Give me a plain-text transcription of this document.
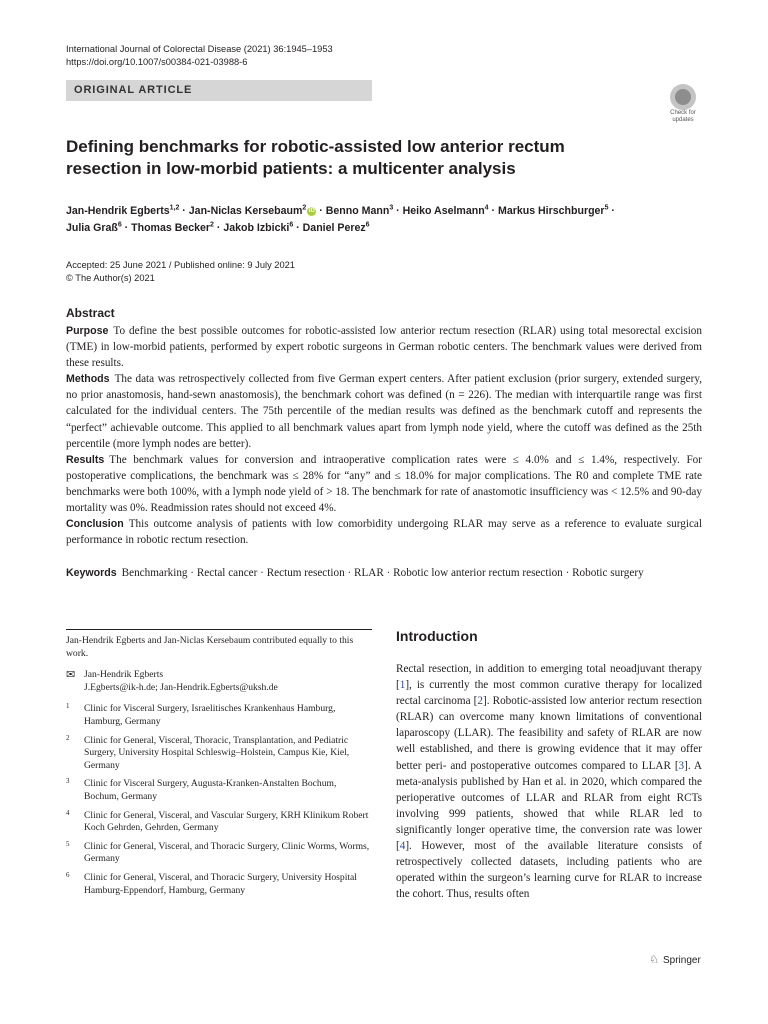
International Journal of Colorectal Disease (2021) 36:1945–1953
https://doi.org/10.1007/s00384-021-03988-6
ORIGINAL ARTICLE
Check for updates
Defining benchmarks for robotic-assisted low anterior rectum resection in low-morbid patients: a multicenter analysis
Jan-Hendrik Egberts$^{1,2}$ · Jan-Niclas Kersebaum$^2$ iD · Benno Mann$^3$ · Heiko Aselmann$^4$ · Markus Hirschburger$^5$ ·
Julia Graß$^6$ · Thomas Becker$^2$ · Jakob Izbicki$^6$ · Daniel Perez$^6$
Accepted: 25 June 2021 / Published online: 9 July 2021
© The Author(s) 2021
Abstract

Purpose To define the best possible outcomes for robotic-assisted low anterior rectum resection (RLAR) using total mesorectal excision (TME) in low-morbid patients, performed by expert robotic surgeons in German robotic centers. The benchmark values were derived from these results.

Methods The data was retrospectively collected from five German expert centers. After patient exclusion (prior surgery, extended surgery, no prior anastomosis, hand-sewn anastomosis), the benchmark cohort was defined (n = 226). The median with interquartile range was first calculated for the individual centers. The 75th percentile of the median results was defined as the benchmark cutoff and represents the “perfect” achievable outcome. This applied to all benchmark values apart from lymph node yield, where the cutoff was defined as the 25th percentile (more lymph nodes are better).

Results The benchmark values for conversion and intraoperative complication rates were ≤ 4.0% and ≤ 1.4%, respectively. For postoperative complications, the benchmark was ≤ 28% for “any” and ≤ 18.0% for major complications. The R0 and complete TME rate benchmarks were both 100%, with a lymph node yield of > 18. The benchmark for rate of anastomotic insufficiency was < 12.5% and 90-day mortality was 0%. Readmission rates should not exceed 4%.

Conclusion This outcome analysis of patients with low comorbidity undergoing RLAR may serve as a reference to evaluate surgical performance in robotic rectum resection.

Keywords Benchmarking · Rectal cancer · Rectum resection · RLAR · Robotic low anterior rectum resection · Robotic surgery

Jan-Hendrik Egberts and Jan-Niclas Kersebaum contributed equally to this work.

✉ Jan-Hendrik Egberts
J.Egberts@ik-h.de; Jan-Hendrik.Egberts@uksh.de
1 Clinic for Visceral Surgery, Israelitisches Krankenhaus Hamburg, Hamburg, Germany
2 Clinic for General, Visceral, Thoracic, Transplantation, and Pediatric Surgery, University Hospital Schleswig–Holstein, Campus Kie, Kiel, Germany
3 Clinic for Visceral Surgery, Augusta-Kranken-Anstalten Bochum, Bochum, Germany
4 Clinic for General, Visceral, and Vascular Surgery, KRH Klinikum Robert Koch Gehrden, Gehrden, Germany
5 Clinic for General, Visceral, and Thoracic Surgery, Clinic Worms, Worms, Germany
6 Clinic for General, Visceral, and Thoracic Surgery, University Hospital Hamburg-Eppendorf, Hamburg, Germany
Introduction

Rectal resection, in addition to emerging total neoadjuvant therapy [1], is currently the most common curative therapy for localized rectal carcinoma [2]. Robotic-assisted low anterior rectum resection (RLAR) can overcome many known limitations of conventional laparoscopy (LLAR). The feasibility and safety of RLAR are now well established, and there is growing evidence that it may offer better peri- and postoperative outcomes compared to LLAR [3]. A meta-analysis published by Han et al. in 2020, which compared the perioperative outcomes of LLAR and RLAR from eight RCTs involving 999 patients, showed that while RLAR led to significantly longer operative time, the conversion rate was lower [4]. However, most of the available literature consists of retrospectively collected datasets, including patients who are operated within the surgeon’s learning curve for RLAR to increase the cohort. Thus, results often

♘ Springer
